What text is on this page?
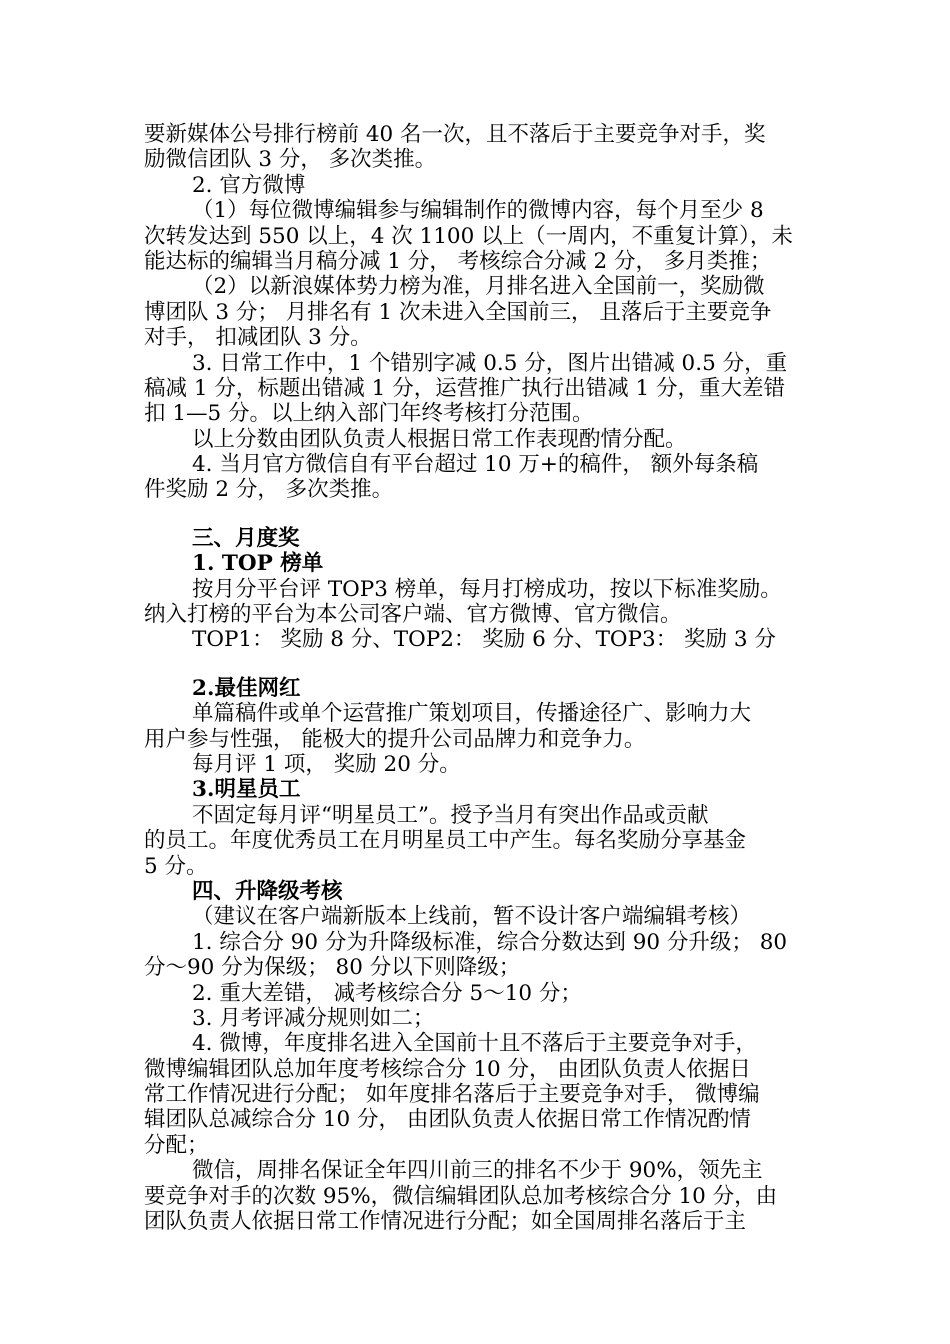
要新媒体公号排行榜前 40 名一次，且不落后于主要竞争对手，奖
励微信团队 3 分， 多次类推。
2. 官方微博
（1）每位微博编辑参与编辑制作的微博内容，每个月至少 8
次转发达到 550 以上，4 次 1100 以上（一周内，不重复计算），未
能达标的编辑当月稿分减 1 分， 考核综合分减 2 分， 多月类推；
（2）以新浪媒体势力榜为准，月排名进入全国前一，奖励微
博团队 3 分； 月排名有 1 次未进入全国前三， 且落后于主要竞争
对手， 扣减团队 3 分。
3. 日常工作中，1 个错别字减 0.5 分，图片出错减 0.5 分，重
稿减 1 分，标题出错减 1 分，运营推广执行出错减 1 分，重大差错
扣 1—5 分。以上纳入部门年终考核打分范围。
以上分数由团队负责人根据日常工作表现酌情分配。
4. 当月官方微信自有平台超过 10 万+的稿件， 额外每条稿
件奖励 2 分， 多次类推。
三、月度奖
1. TOP 榜单
按月分平台评 TOP3 榜单，每月打榜成功，按以下标准奖励。
纳入打榜的平台为本公司客户端、官方微博、官方微信。
TOP1： 奖励 8 分、TOP2： 奖励 6 分、TOP3： 奖励 3 分
2.最佳网红
单篇稿件或单个运营推广策划项目，传播途径广、影响力大
用户参与性强， 能极大的提升公司品牌力和竞争力。
每月评 1 项， 奖励 20 分。
3.明星员工
不固定每月评“明星员工”。授予当月有突出作品或贡献
的员工。年度优秀员工在月明星员工中产生。每名奖励分享基金
5 分。
四、升降级考核
（建议在客户端新版本上线前，暂不设计客户端编辑考核）
1. 综合分 90 分为升降级标准，综合分数达到 90 分升级； 80
分～90 分为保级； 80 分以下则降级；
2. 重大差错， 减考核综合分 5～10 分；
3. 月考评减分规则如二；
4. 微博，年度排名进入全国前十且不落后于主要竞争对手，
微博编辑团队总加年度考核综合分 10 分， 由团队负责人依据日
常工作情况进行分配； 如年度排名落后于主要竞争对手， 微博编
辑团队总减综合分 10 分， 由团队负责人依据日常工作情况酌情
分配；
微信，周排名保证全年四川前三的排名不少于 90%，领先主
要竞争对手的次数 95%，微信编辑团队总加考核综合分 10 分，由
团队负责人依据日常工作情况进行分配；如全国周排名落后于主
